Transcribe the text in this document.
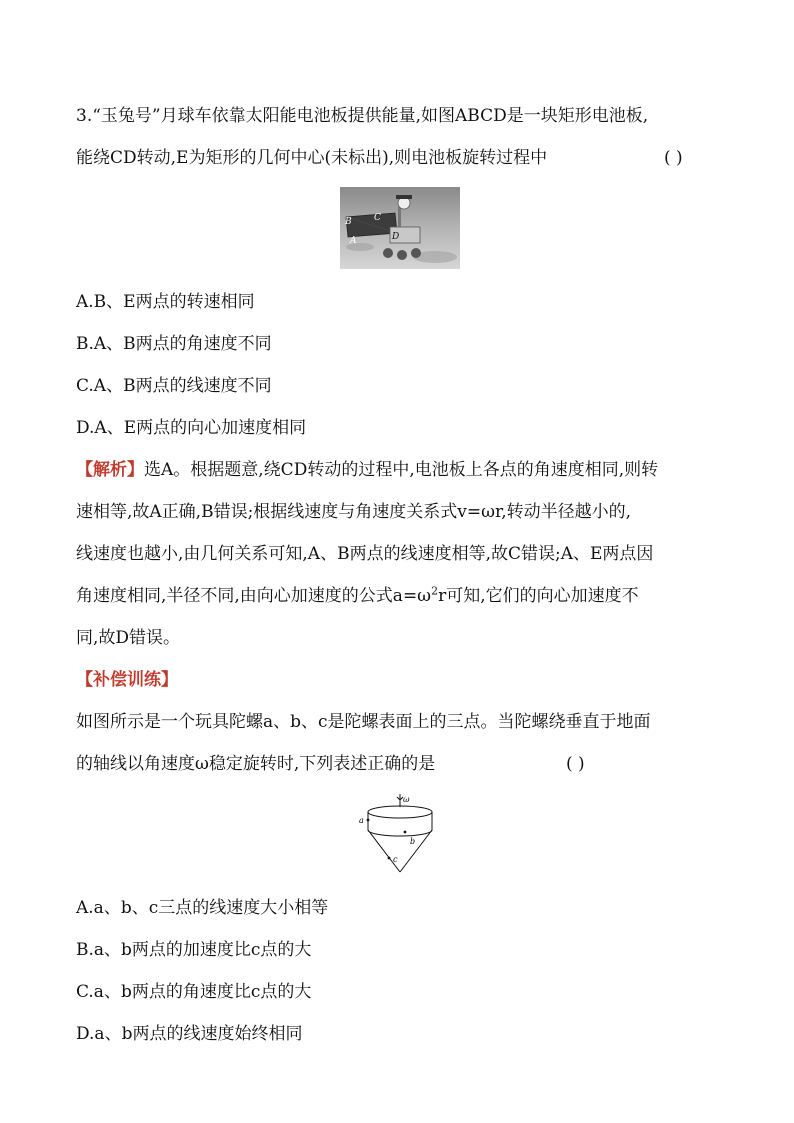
3.“玉兔号”月球车依靠太阳能电池板提供能量,如图ABCD是一块矩形电池板,
能绕CD转动,E为矩形的几何中心(未标出),则电池板旋转过程中	( )
B C
A	D
A.B、E两点的转速相同
B.A、B两点的角速度不同
C.A、B两点的线速度不同
D.A、E两点的向心加速度相同
【解析】选A。根据题意,绕CD转动的过程中,电池板上各点的角速度相同,则转
速相等,故A正确,B错误;根据线速度与角速度关系式v=ωr,转动半径越小的,
线速度也越小,由几何关系可知,A、B两点的线速度相等,故C错误;A、E两点因
角速度相同,半径不同,由向心加速度的公式$a=\omega^2r$可知,它们的向心加速度不
同,故D错误。
【补偿训练】
如图所示是一个玩具陀螺a、b、c是陀螺表面上的三点。当陀螺绕垂直于地面
的轴线以角速度ω稳定旋转时,下列表述正确的是	( )
ω
a
b
c
A.a、b、c三点的线速度大小相等
B.a、b两点的加速度比c点的大
C.a、b两点的角速度比c点的大
D.a、b两点的线速度始终相同
